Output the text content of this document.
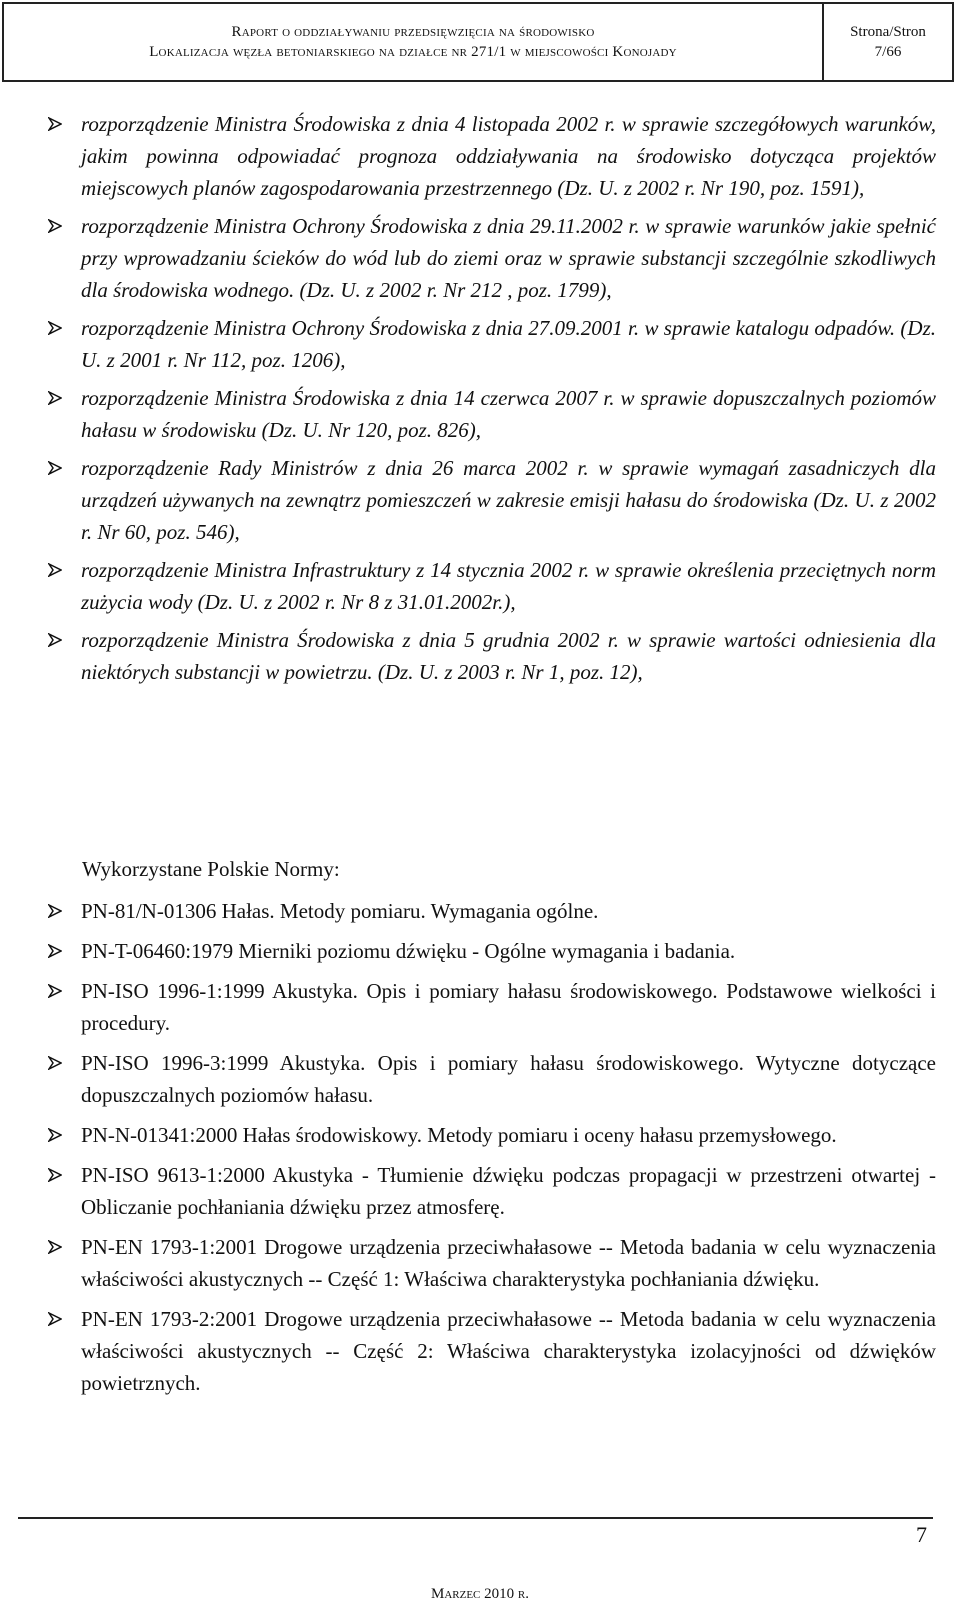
Raport o oddziaływaniu przedsięwzięcia na środowisko
Lokalizacja węzła betoniarskiego na działce nr 271/1 w miejscowości Konojady
Strona/Stron
7/66
rozporządzenie Ministra Środowiska z dnia 4 listopada 2002 r. w sprawie szczegółowych warunków, jakim powinna odpowiadać prognoza oddziaływania na środowisko dotycząca projektów miejscowych planów zagospodarowania przestrzennego (Dz. U. z 2002 r. Nr 190, poz. 1591),
rozporządzenie Ministra Ochrony Środowiska z dnia 29.11.2002 r. w sprawie warunków jakie spełnić przy wprowadzaniu ścieków do wód lub do ziemi oraz w sprawie substancji szczególnie szkodliwych dla środowiska wodnego. (Dz. U. z 2002 r. Nr 212 , poz. 1799),
rozporządzenie Ministra Ochrony Środowiska z dnia 27.09.2001 r. w sprawie katalogu odpadów. (Dz. U. z 2001 r. Nr 112, poz. 1206),
rozporządzenie Ministra Środowiska z dnia 14 czerwca 2007 r. w sprawie dopuszczalnych poziomów hałasu w środowisku (Dz. U. Nr 120, poz. 826),
rozporządzenie Rady Ministrów z dnia 26 marca 2002 r. w sprawie wymagań zasadniczych dla urządzeń używanych na zewnątrz pomieszczeń w zakresie emisji hałasu do środowiska (Dz. U. z 2002 r. Nr 60, poz. 546),
rozporządzenie Ministra Infrastruktury z 14 stycznia 2002 r. w sprawie określenia przeciętnych norm zużycia wody (Dz. U. z 2002 r. Nr 8 z 31.01.2002r.),
rozporządzenie Ministra Środowiska z dnia 5 grudnia 2002 r. w sprawie wartości odniesienia dla niektórych substancji w powietrzu. (Dz. U. z 2003 r. Nr 1, poz. 12),
Wykorzystane Polskie Normy:
PN-81/N-01306 Hałas. Metody pomiaru. Wymagania ogólne.
PN-T-06460:1979 Mierniki poziomu dźwięku - Ogólne wymagania i badania.
PN-ISO 1996-1:1999 Akustyka. Opis i pomiary hałasu środowiskowego. Podstawowe wielkości i procedury.
PN-ISO 1996-3:1999 Akustyka. Opis i pomiary hałasu środowiskowego. Wytyczne dotyczące dopuszczalnych poziomów hałasu.
PN-N-01341:2000 Hałas środowiskowy. Metody pomiaru i oceny hałasu przemysłowego.
PN-ISO 9613-1:2000 Akustyka - Tłumienie dźwięku podczas propagacji w przestrzeni otwartej - Obliczanie pochłaniania dźwięku przez atmosferę.
PN-EN 1793-1:2001 Drogowe urządzenia przeciwhałasowe -- Metoda badania w celu wyznaczenia właściwości akustycznych -- Część 1: Właściwa charakterystyka pochłaniania dźwięku.
PN-EN 1793-2:2001 Drogowe urządzenia przeciwhałasowe -- Metoda badania w celu wyznaczenia właściwości akustycznych -- Część 2: Właściwa charakterystyka izolacyjności od dźwięków powietrznych.
7
Marzec 2010 r.
